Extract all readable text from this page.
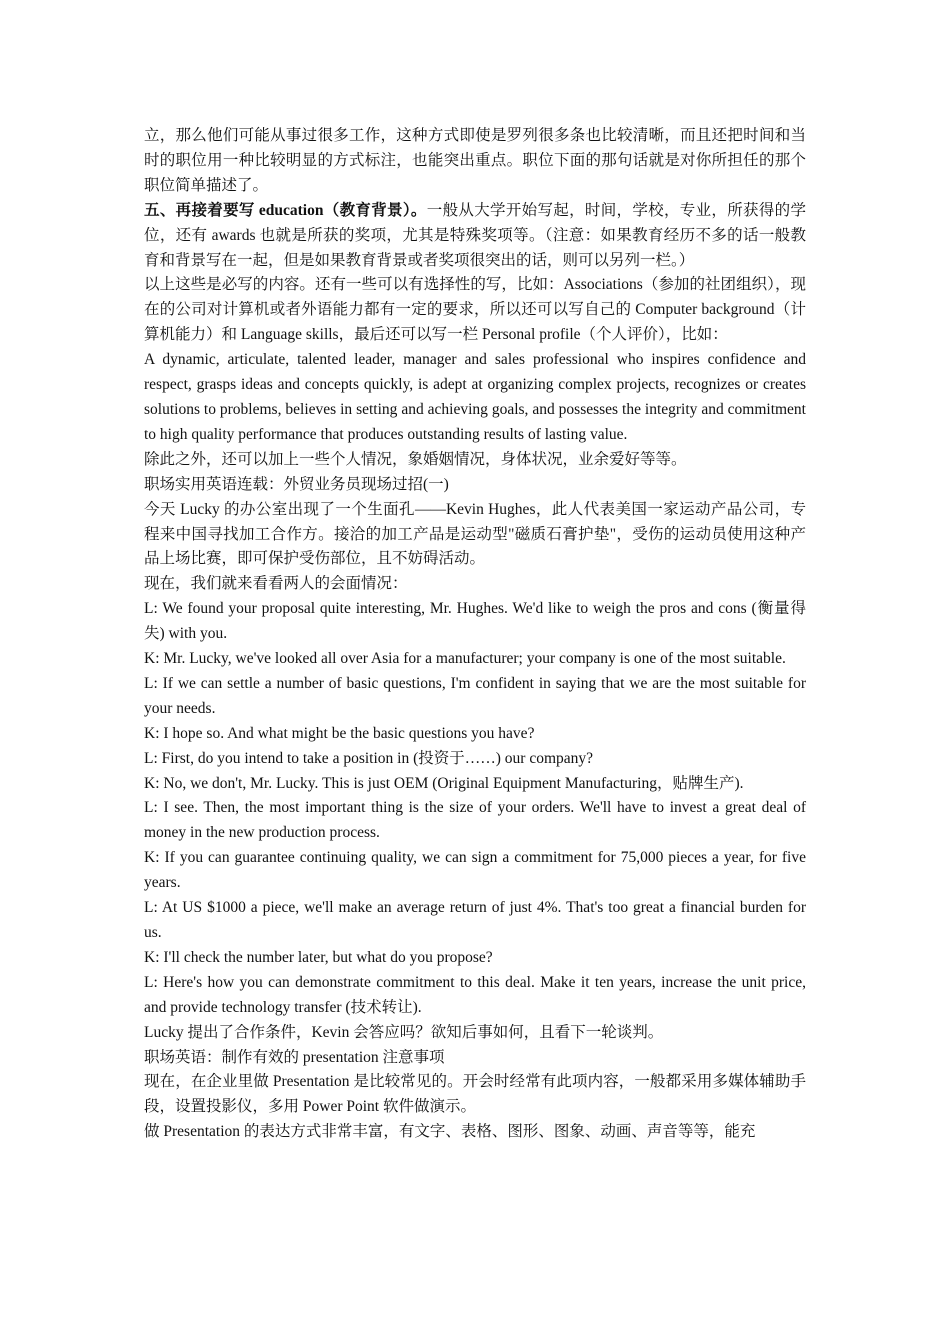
立，那么他们可能从事过很多工作，这种方式即使是罗列很多条也比较清晰，而且还把时间和当时的职位用一种比较明显的方式标注，也能突出重点。职位下面的那句话就是对你所担任的那个职位简单描述了。

五、再接着要写 education（教育背景）。一般从大学开始写起，时间，学校，专业，所获得的学位，还有 awards 也就是所获的奖项，尤其是特殊奖项等。（注意：如果教育经历不多的话一般教育和背景写在一起，但是如果教育背景或者奖项很突出的话，则可以另列一栏。）

以上这些是必写的内容。还有一些可以有选择性的写，比如：Associations（参加的社团组织），现在的公司对计算机或者外语能力都有一定的要求，所以还可以写自己的 Computer background（计算机能力）和 Language skills，最后还可以写一栏 Personal profile（个人评价），比如：

A dynamic, articulate, talented leader, manager and sales professional who inspires confidence and respect, grasps ideas and concepts quickly, is adept at organizing complex projects, recognizes or creates solutions to problems, believes in setting and achieving goals, and possesses the integrity and commitment to high quality performance that produces outstanding results of lasting value.

除此之外，还可以加上一些个人情况，象婚姻情况，身体状况，业余爱好等等。

职场实用英语连载：外贸业务员现场过招(一)

今天 Lucky 的办公室出现了一个生面孔——Kevin Hughes，此人代表美国一家运动产品公司，专程来中国寻找加工合作方。接洽的加工产品是运动型"磁质石膏护垫"，受伤的运动员使用这种产品上场比赛，即可保护受伤部位，且不妨碍活动。

现在，我们就来看看两人的会面情况：

L: We found your proposal quite interesting, Mr. Hughes. We'd like to weigh the pros and cons (衡量得失) with you.

K: Mr. Lucky, we've looked all over Asia for a manufacturer; your company is one of the most suitable.

L: If we can settle a number of basic questions, I'm confident in saying that we are the most suitable for your needs.

K: I hope so. And what might be the basic questions you have?

L: First, do you intend to take a position in (投资于……) our company?

K: No, we don't, Mr. Lucky. This is just OEM (Original Equipment Manufacturing，贴牌生产).

L: I see. Then, the most important thing is the size of your orders. We'll have to invest a great deal of money in the new production process.

K: If you can guarantee continuing quality, we can sign a commitment for 75,000 pieces a year, for five years.

L: At US $1000 a piece, we'll make an average return of just 4%. That's too great a financial burden for us.

K: I'll check the number later, but what do you propose?

L: Here's how you can demonstrate commitment to this deal. Make it ten years, increase the unit price, and provide technology transfer (技术转让).

Lucky 提出了合作条件，Kevin 会答应吗？欲知后事如何，且看下一轮谈判。

职场英语：制作有效的 presentation 注意事项

现在，在企业里做 Presentation 是比较常见的。开会时经常有此项内容，一般都采用多媒体辅助手段，设置投影仪，多用 Power Point 软件做演示。

做 Presentation 的表达方式非常丰富，有文字、表格、图形、图象、动画、声音等等，能充
